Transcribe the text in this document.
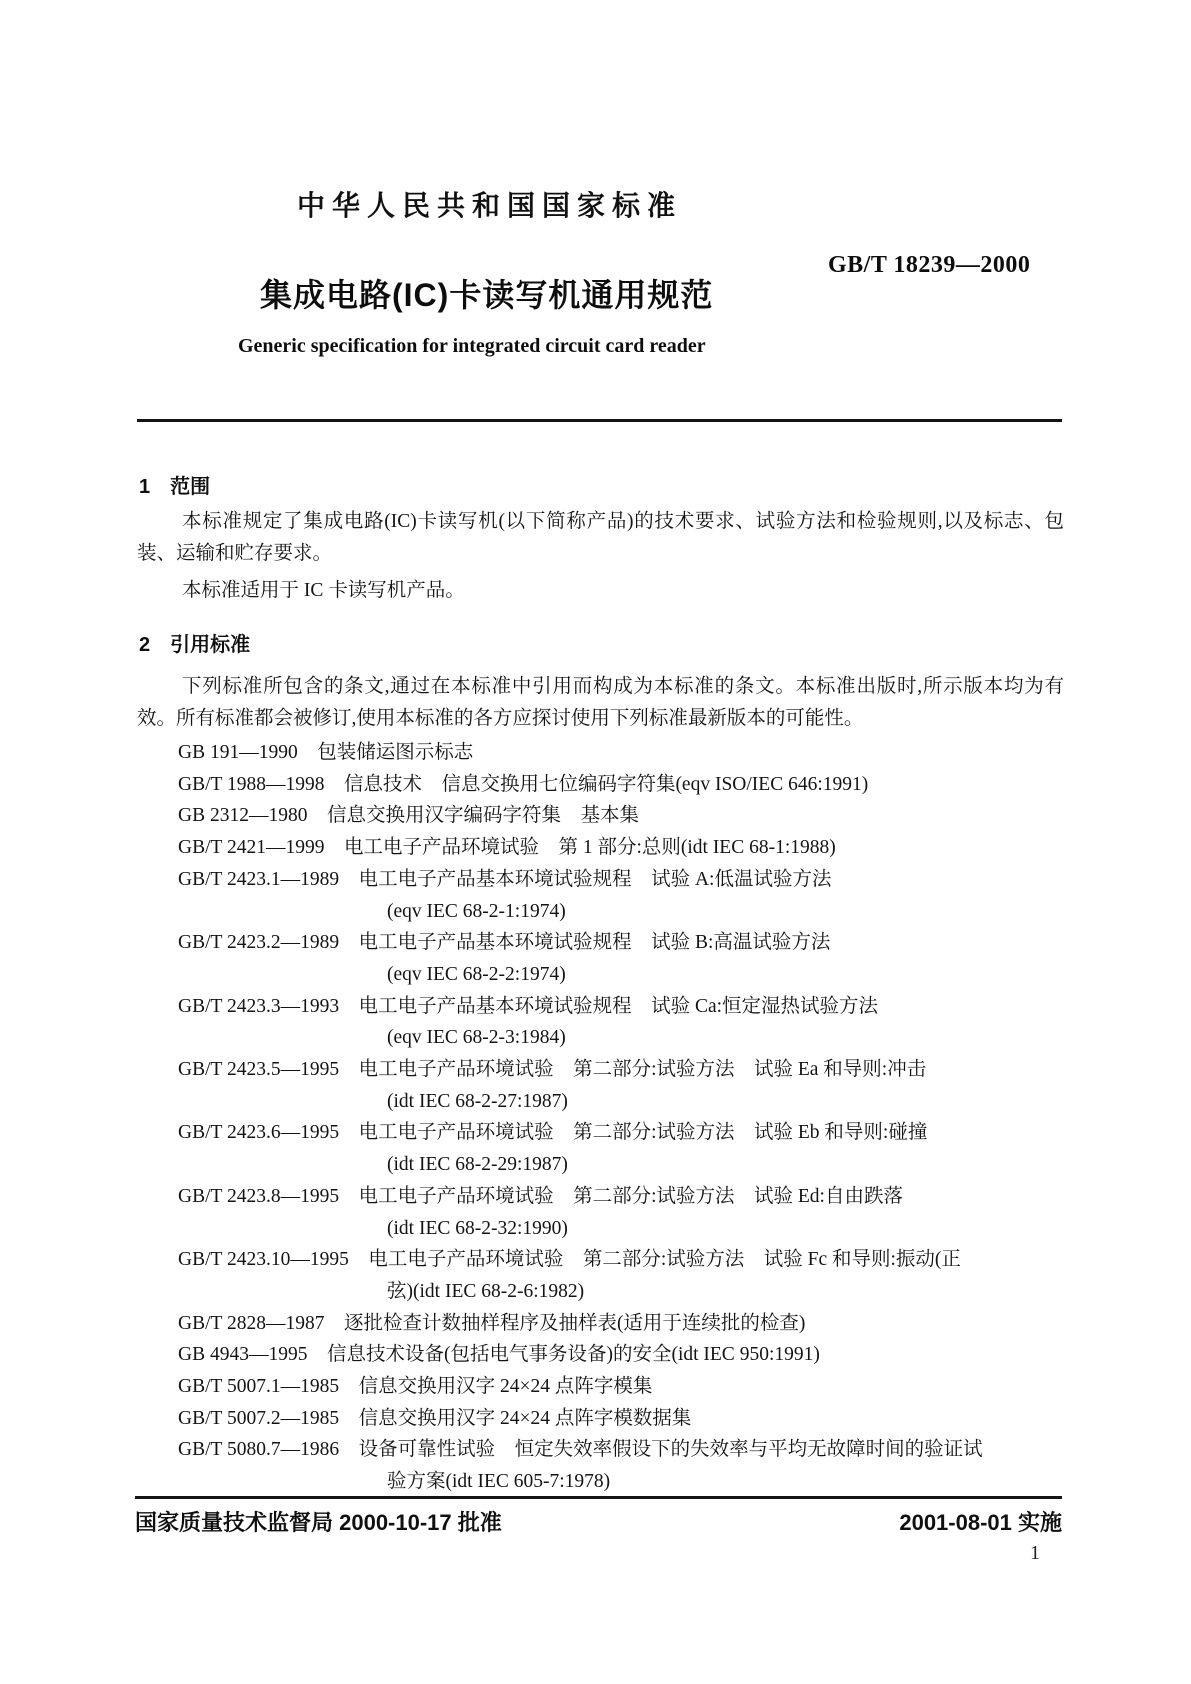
中华人民共和国国家标准
GB/T 18239—2000
集成电路(IC)卡读写机通用规范
Generic specification for integrated circuit card reader
1 范围

本标准规定了集成电路(IC)卡读写机(以下简称产品)的技术要求、试验方法和检验规则,以及标志、包装、运输和贮存要求。

本标准适用于 IC 卡读写机产品。

2 引用标准

下列标准所包含的条文,通过在本标准中引用而构成为本标准的条文。本标准出版时,所示版本均为有效。所有标准都会被修订,使用本标准的各方应探讨使用下列标准最新版本的可能性。

GB 191—1990　包装储运图示标志
GB/T 1988—1998　信息技术　信息交换用七位编码字符集(eqv ISO/IEC 646:1991)
GB 2312—1980　信息交换用汉字编码字符集　基本集
GB/T 2421—1999　电工电子产品环境试验　第 1 部分:总则(idt IEC 68-1:1988)
GB/T 2423.1—1989　电工电子产品基本环境试验规程　试验 A:低温试验方法
(eqv IEC 68-2-1:1974)
GB/T 2423.2—1989　电工电子产品基本环境试验规程　试验 B:高温试验方法
(eqv IEC 68-2-2:1974)
GB/T 2423.3—1993　电工电子产品基本环境试验规程　试验 Ca:恒定湿热试验方法
(eqv IEC 68-2-3:1984)
GB/T 2423.5—1995　电工电子产品环境试验　第二部分:试验方法　试验 Ea 和导则:冲击
(idt IEC 68-2-27:1987)
GB/T 2423.6—1995　电工电子产品环境试验　第二部分:试验方法　试验 Eb 和导则:碰撞
(idt IEC 68-2-29:1987)
GB/T 2423.8—1995　电工电子产品环境试验　第二部分:试验方法　试验 Ed:自由跌落
(idt IEC 68-2-32:1990)
GB/T 2423.10—1995　电工电子产品环境试验　第二部分:试验方法　试验 Fc 和导则:振动(正
弦)(idt IEC 68-2-6:1982)
GB/T 2828—1987　逐批检查计数抽样程序及抽样表(适用于连续批的检查)
GB 4943—1995　信息技术设备(包括电气事务设备)的安全(idt IEC 950:1991)
GB/T 5007.1—1985　信息交换用汉字 24×24 点阵字模集
GB/T 5007.2—1985　信息交换用汉字 24×24 点阵字模数据集
GB/T 5080.7—1986　设备可靠性试验　恒定失效率假设下的失效率与平均无故障时间的验证试
验方案(idt IEC 605-7:1978)
国家质量技术监督局 2000-10-17 批准	2001-08-01 实施
1
